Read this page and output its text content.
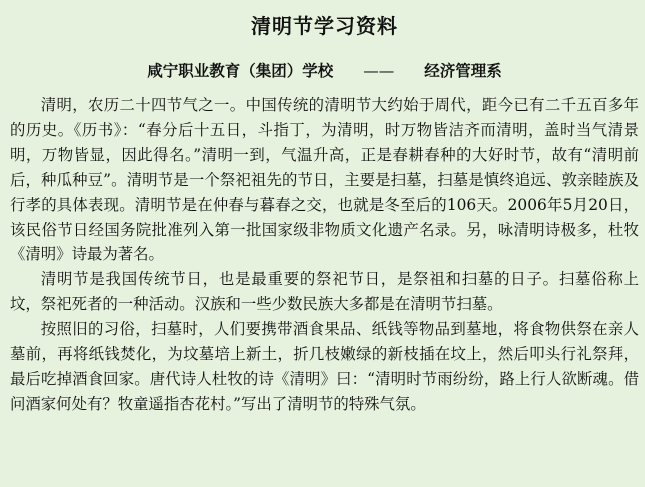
清明节学习资料
咸宁职业教育（集团）学校 —— 经济管理系

清明，农历二十四节气之一。中国传统的清明节大约始于周代，距今已有二千五百多年的历史。《历书》：“春分后十五日，斗指丁，为清明，时万物皆洁齐而清明，盖时当气清景明，万物皆显，因此得名。”清明一到，气温升高，正是春耕春种的大好时节，故有“清明前后，种瓜种豆”。清明节是一个祭祀祖先的节日，主要是扫墓，扫墓是慎终追远、敦亲睦族及行孝的具体表现。清明节是在仲春与暮春之交，也就是冬至后的106天。2006年5月20日，该民俗节日经国务院批准列入第一批国家级非物质文化遗产名录。另，咏清明诗极多，杜牧《清明》诗最为著名。

清明节是我国传统节日，也是最重要的祭祀节日，是祭祖和扫墓的日子。扫墓俗称上坟，祭祀死者的一种活动。汉族和一些少数民族大多都是在清明节扫墓。

按照旧的习俗，扫墓时，人们要携带酒食果品、纸钱等物品到墓地，将食物供祭在亲人墓前，再将纸钱焚化，为坟墓培上新土，折几枝嫩绿的新枝插在坟上，然后叩头行礼祭拜，最后吃掉酒食回家。唐代诗人杜牧的诗《清明》曰：“清明时节雨纷纷，路上行人欲断魂。借问酒家何处有？牧童遥指杏花村。”写出了清明节的特殊气氛。
